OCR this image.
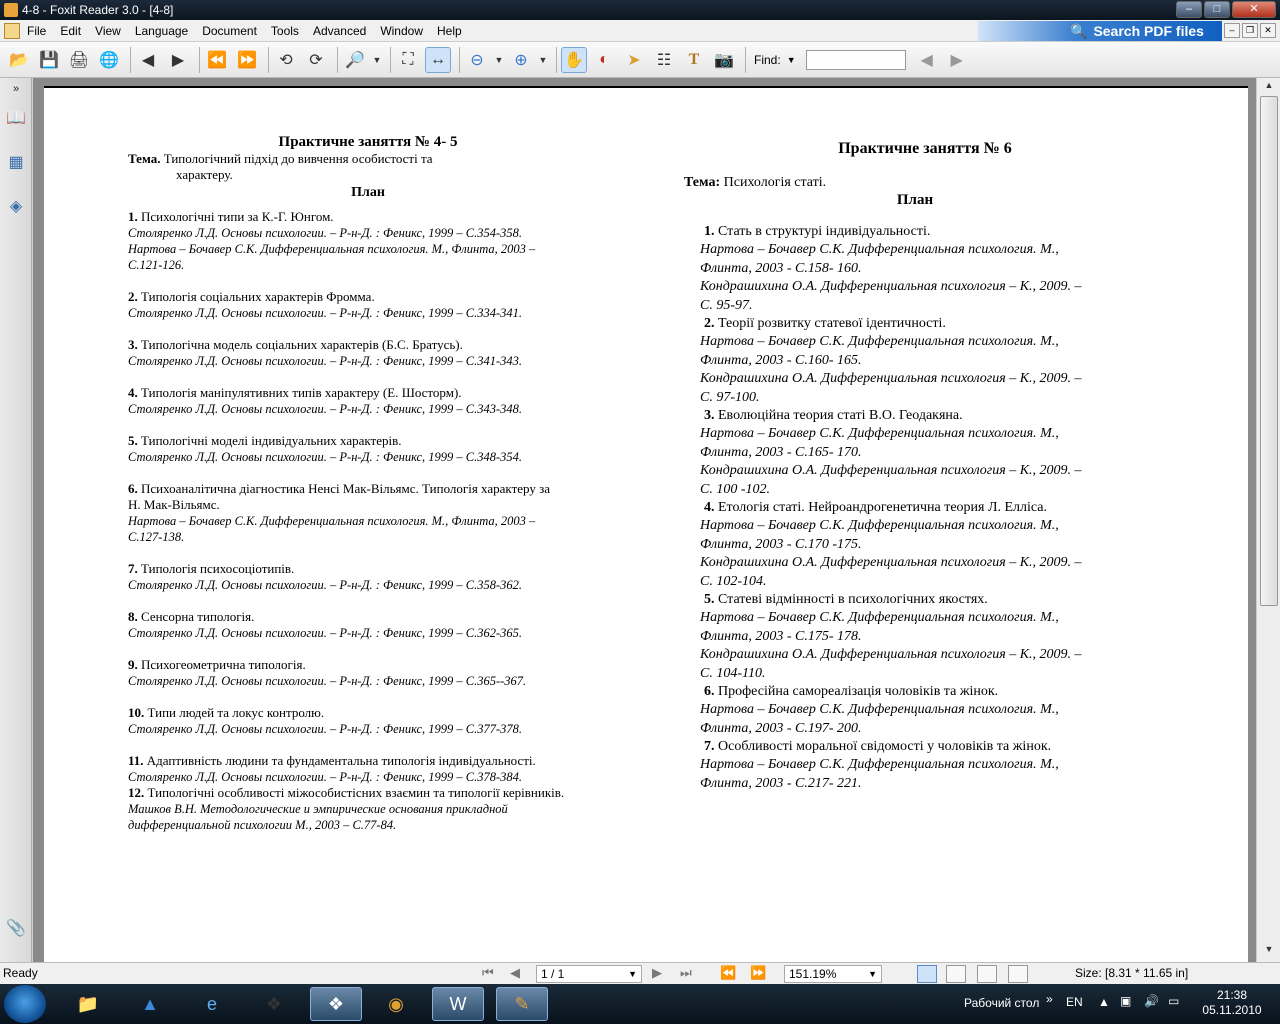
4-8 - Foxit Reader 3.0 - [4-8]	–	□	✕
File	Edit	View	Language	Document	Tools	Advanced	Window	Help	🔍 Search PDF files	–	❐	✕
📂 💾 🖨 🌐	◀	▶	⏪ ⏩	⟲	⟳	🔎 ▼	⛶	↔	⊖	▼ ⊕	▼ ✋ ◐	➤	☷	T 📷 Find: ▼	◀	▶
»
📖
▦
◈
📎
Практичне заняття № 4- 5
Тема. Типологічний підхід до вивчення особистості та
характеру.
План
1. Психологічні типи за К.-Г. Юнгом.
Столяренко Л.Д. Основы психологии. – Р-н-Д. : Феникс, 1999 – С.354-358.
Нартова – Бочавер С.К. Дифференциальная психология. М., Флинта, 2003 –
С.121-126.
2. Типологія соціальних характерів Фромма.
Столяренко Л.Д. Основы психологии. – Р-н-Д. : Феникс, 1999 – С.334-341.
3. Типологічна модель соціальних характерів (Б.С. Братусь).
Столяренко Л.Д. Основы психологии. – Р-н-Д. : Феникс, 1999 – С.341-343.
4. Типологія маніпулятивних типів характеру (Е. Шосторм).
Столяренко Л.Д. Основы психологии. – Р-н-Д. : Феникс, 1999 – С.343-348.
5. Типологічні моделі індивідуальних характерів.
Столяренко Л.Д. Основы психологии. – Р-н-Д. : Феникс, 1999 – С.348-354.
6. Психоаналітична діагностика Ненсі Мак-Вільямс. Типологія характеру за
Н. Мак-Вільямс.
Нартова – Бочавер С.К. Дифференциальная психология. М., Флинта, 2003 –
С.127-138.
7. Типологія психосоціотипів.
Столяренко Л.Д. Основы психологии. – Р-н-Д. : Феникс, 1999 – С.358-362.
8. Сенсорна типологія.
Столяренко Л.Д. Основы психологии. – Р-н-Д. : Феникс, 1999 – С.362-365.
9. Психогеометрична типологія.
Столяренко Л.Д. Основы психологии. – Р-н-Д. : Феникс, 1999 – С.365--367.
10. Типи людей та локус контролю.
Столяренко Л.Д. Основы психологии. – Р-н-Д. : Феникс, 1999 – С.377-378.
11. Адаптивність людини та фундаментальна типологія індивідуальності.
Столяренко Л.Д. Основы психологии. – Р-н-Д. : Феникс, 1999 – С.378-384.
12. Типологічні особливості міжособистісних взаємин та типології керівників.
Машков В.Н. Методологические и эмпирические основания прикладной
дифференциальной психологии М., 2003 – С.77-84.
Практичне заняття № 6
Тема: Психологія статі.
План
1. Стать в структурі індивідуальності.
Нартова – Бочавер С.К. Дифференциальная психология. М.,
Флинта, 2003 - С.158- 160.
Кондрашихина О.А. Дифференциальная психология – К., 2009. –
С. 95-97.
2. Теорії розвитку статевої ідентичності.
Нартова – Бочавер С.К. Дифференциальная психология. М.,
Флинта, 2003 - С.160- 165.
Кондрашихина О.А. Дифференциальная психология – К., 2009. –
С. 97-100.
3. Еволюційна теория статі В.О. Геодакяна.
Нартова – Бочавер С.К. Дифференциальная психология. М.,
Флинта, 2003 - С.165- 170.
Кондрашихина О.А. Дифференциальная психология – К., 2009. –
С. 100 -102.
4. Етологія статі. Нейроандрогенетична теория Л. Елліса.
Нартова – Бочавер С.К. Дифференциальная психология. М.,
Флинта, 2003 - С.170 -175.
Кондрашихина О.А. Дифференциальная психология – К., 2009. –
С. 102-104.
5. Статеві відмінності в психологічних якостях.
Нартова – Бочавер С.К. Дифференциальная психология. М.,
Флинта, 2003 - С.175- 178.
Кондрашихина О.А. Дифференциальная психология – К., 2009. –
С. 104-110.
6. Професійна самореалізація чоловіків та жінок.
Нартова – Бочавер С.К. Дифференциальная психология. М.,
Флинта, 2003 - С.197- 200.
7. Особливості моральної свідомості у чоловіків та жінок.
Нартова – Бочавер С.К. Дифференциальная психология. М.,
Флинта, 2003 - С.217- 221.
▲
▼
Ready	⏮ ◀	1 / 1	▼ ▶ ⏭ ⏪ ⏩	151.19%	▼	Size: [8.31 * 11.65 in]
📁	▲	e	❖	❖	◉	W	✎	Рабочий стол » EN ▲ ▣ 🔊 ▭	21:38
05.11.2010
